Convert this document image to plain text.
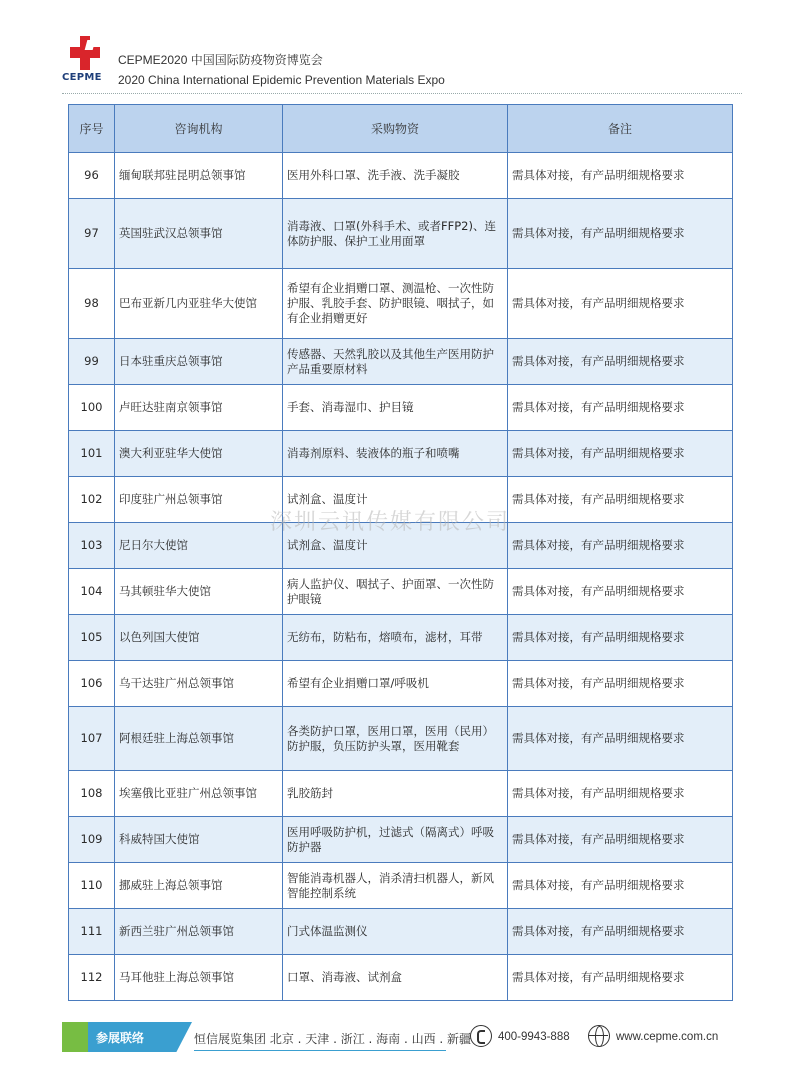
CEPME
CEPME2020 中国国际防疫物资博览会
2020 China International Epidemic Prevention Materials Expo
序号	咨询机构	采购物资	备注
96	缅甸联邦驻昆明总领事馆	医用外科口罩、洗手液、洗手凝胶	需具体对接，有产品明细规格要求
97	英国驻武汉总领事馆	消毒液、口罩(外科手术、或者FFP2)、连体防护服、保护工业用面罩	需具体对接，有产品明细规格要求
98	巴布亚新几内亚驻华大使馆	希望有企业捐赠口罩、测温枪、一次性防护服、乳胶手套、防护眼镜、咽拭子，如有企业捐赠更好	需具体对接，有产品明细规格要求
99	日本驻重庆总领事馆	传感器、天然乳胶以及其他生产医用防护产品重要原材料	需具体对接，有产品明细规格要求
100	卢旺达驻南京领事馆	手套、消毒湿巾、护目镜	需具体对接，有产品明细规格要求
101	澳大利亚驻华大使馆	消毒剂原料、装液体的瓶子和喷嘴	需具体对接，有产品明细规格要求
102	印度驻广州总领事馆	试剂盒、温度计	需具体对接，有产品明细规格要求
103	尼日尔大使馆	试剂盒、温度计	需具体对接，有产品明细规格要求
104	马其顿驻华大使馆	病人监护仪、咽拭子、护面罩、一次性防护眼镜	需具体对接，有产品明细规格要求
105	以色列国大使馆	无纺布，防粘布，熔喷布，滤材，耳带	需具体对接，有产品明细规格要求
106	乌干达驻广州总领事馆	希望有企业捐赠口罩/呼吸机	需具体对接，有产品明细规格要求
107	阿根廷驻上海总领事馆	各类防护口罩，医用口罩，医用（民用）防护服，负压防护头罩，医用靴套	需具体对接，有产品明细规格要求
108	埃塞俄比亚驻广州总领事馆	乳胶筋封	需具体对接，有产品明细规格要求
109	科威特国大使馆	医用呼吸防护机，过滤式（隔离式）呼吸防护器	需具体对接，有产品明细规格要求
110	挪威驻上海总领事馆	智能消毒机器人，消杀清扫机器人，新风智能控制系统	需具体对接，有产品明细规格要求
111	新西兰驻广州总领事馆	门式体温监测仪	需具体对接，有产品明细规格要求
112	马耳他驻上海总领事馆	口罩、消毒液、试剂盒	需具体对接，有产品明细规格要求
深圳云讯传媒有限公司
参展联络	恒信展览集团 北京 . 天津 . 浙江 . 海南 . 山西 . 新疆 400-9943-888	www.cepme.com.cn
